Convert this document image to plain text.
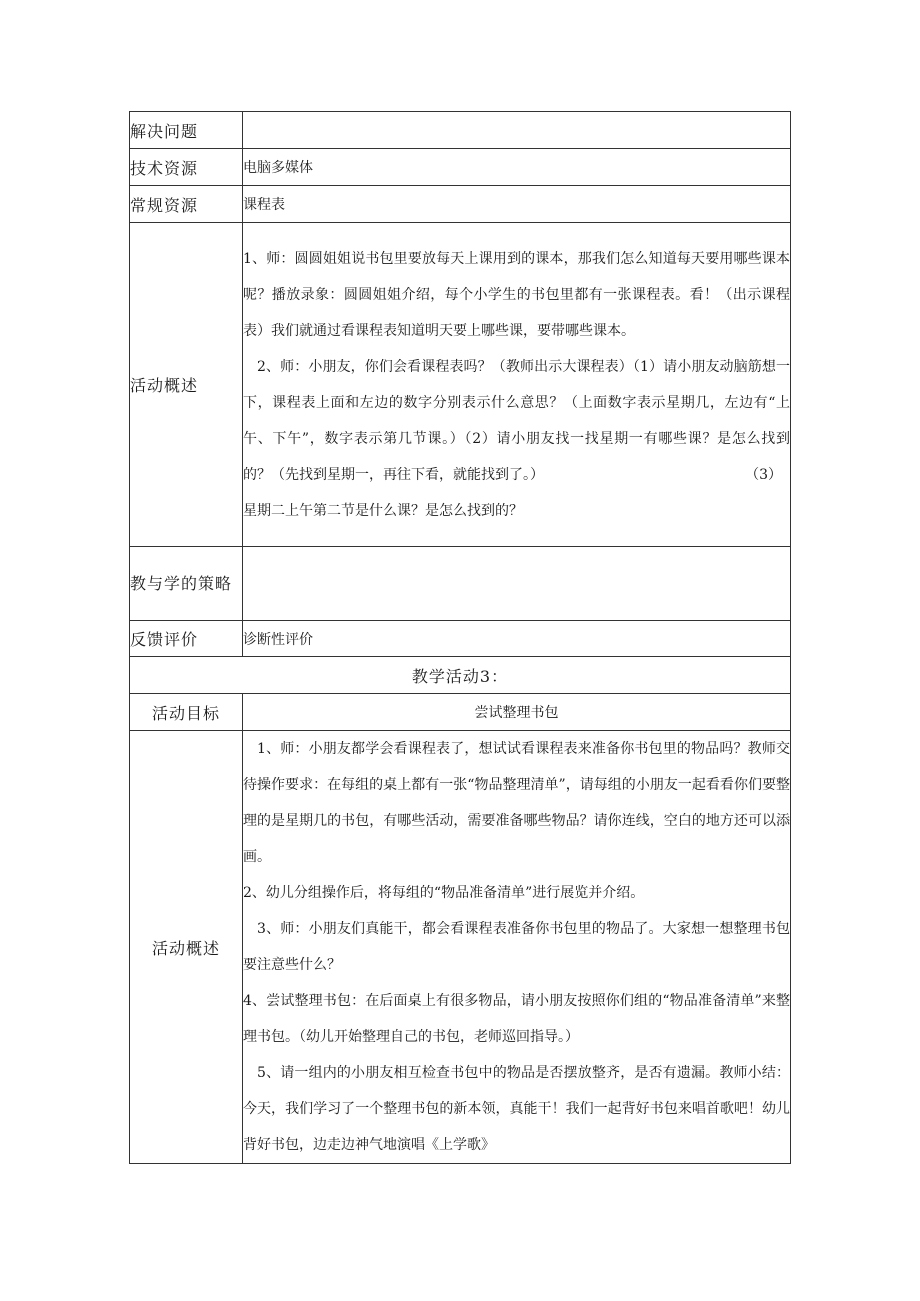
解决问题	
技术资源	电脑多媒体
常规资源	课程表
活动概述	1、师：圆圆姐姐说书包里要放每天上课用到的课本，那我们怎么知道每天要用哪些课本呢？播放录象：圆圆姐姐介绍，每个小学生的书包里都有一张课程表。看！（出示课程表）我们就通过看课程表知道明天要上哪些课，要带哪些课本。
2、师：小朋友，你们会看课程表吗？（教师出示大课程表）（1）请小朋友动脑筋想一下，课程表上面和左边的数字分别表示什么意思？（上面数字表示星期几，左边有“上午、下午”，数字表示第几节课。）（2）请小朋友找一找星期一有哪些课？是怎么找到的？（先找到星期一，再往下看，就能找到了。） （3）
星期二上午第二节是什么课？是怎么找到的？

教与学的策略	
反馈评价	诊断性评价
教学活动3：	
活动目标	尝试整理书包
活动概述	1、师：小朋友都学会看课程表了，想试试看课程表来准备你书包里的物品吗？教师交待操作要求：在每组的桌上都有一张“物品整理清单”，请每组的小朋友一起看看你们要整理的是星期几的书包，有哪些活动，需要准备哪些物品？请你连线，空白的地方还可以添画。
2、幼儿分组操作后，将每组的“物品准备清单”进行展览并介绍。
3、师：小朋友们真能干，都会看课程表准备你书包里的物品了。大家想一想整理书包要注意些什么？
4、尝试整理书包：在后面桌上有很多物品，请小朋友按照你们组的“物品准备清单”来整理书包。（幼儿开始整理自己的书包，老师巡回指导。）
5、请一组内的小朋友相互检查书包中的物品是否摆放整齐，是否有遗漏。教师小结：今天，我们学习了一个整理书包的新本领，真能干！我们一起背好书包来唱首歌吧！幼儿背好书包，边走边神气地演唱《上学歌》
